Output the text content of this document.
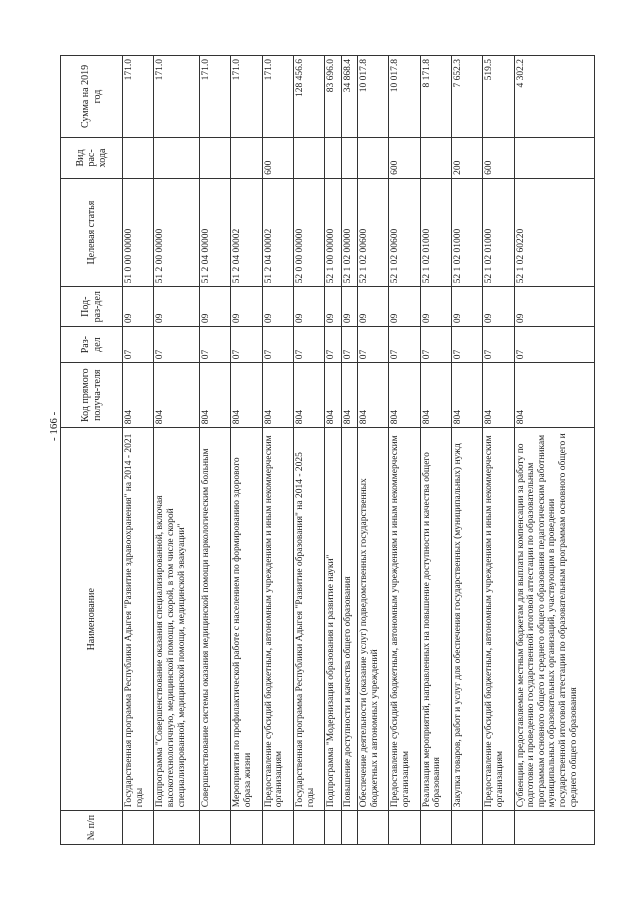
- 166 -
№ п/п	Наименование	Код прямого получа-теля	Раз-дел	Под-раз-дел	Целевая статья	Вид рас-хода	Сумма на 2019 год
	Государственная программа Республики Адыгея "Развитие здравоохранения" на 2014 - 2021 годы	804	07	09	51 0 00 00000		171.0
	Подпрограмма "Совершенствование оказания специализированной, включая высокотехнологичную, медицинской помощи, скорой, в том числе скорой специализированной, медицинской помощи, медицинской эвакуации"	804	07	09	51 2 00 00000		171.0
	Совершенствование системы оказания медицинской помощи наркологическим больным	804	07	09	51 2 04 00000		171.0
	Мероприятия по профилактической работе с населением по формированию здорового образа жизни	804	07	09	51 2 04 00002		171.0
	Предоставление субсидий бюджетным, автономным учреждениям и иным некоммерческим организациям	804	07	09	51 2 04 00002	600	171.0
	Государственная программа Республики Адыгея "Развитие образования" на 2014 - 2025 годы	804	07	09	52 0 00 00000		128 456.6
	Подпрограмма "Модернизация образования и развитие науки"	804	07	09	52 1 00 00000		83 696.0
	Повышение доступности и качества общего образования	804	07	09	52 1 02 00000		34 868.4
	Обеспечение деятельности (оказание услуг) подведомственных государственных бюджетных и автономных учреждений	804	07	09	52 1 02 00600		10 017.8
	Предоставление субсидий бюджетным, автономным учреждениям и иным некоммерческим организациям	804	07	09	52 1 02 00600	600	10 017.8
	Реализация мероприятий, направленных на повышение доступности и качества общего образования	804	07	09	52 1 02 01000		8 171.8
	Закупка товаров, работ и услуг для обеспечения государственных (муниципальных) нужд	804	07	09	52 1 02 01000	200	7 652.3
	Предоставление субсидий бюджетным, автономным учреждениям и иным некоммерческим организациям	804	07	09	52 1 02 01000	600	519.5
	Субвенции, предоставляемые местным бюджетам для выплаты компенсации за работу по подготовке и проведению государственной итоговой аттестации по образовательным программам основного общего и среднего общего образования педагогическим работникам муниципальных образовательных организаций, участвующим в проведении государственной итоговой аттестации по образовательным программам основного общего и среднего общего образования	804	07	09	52 1 02 60220		4 302.2
